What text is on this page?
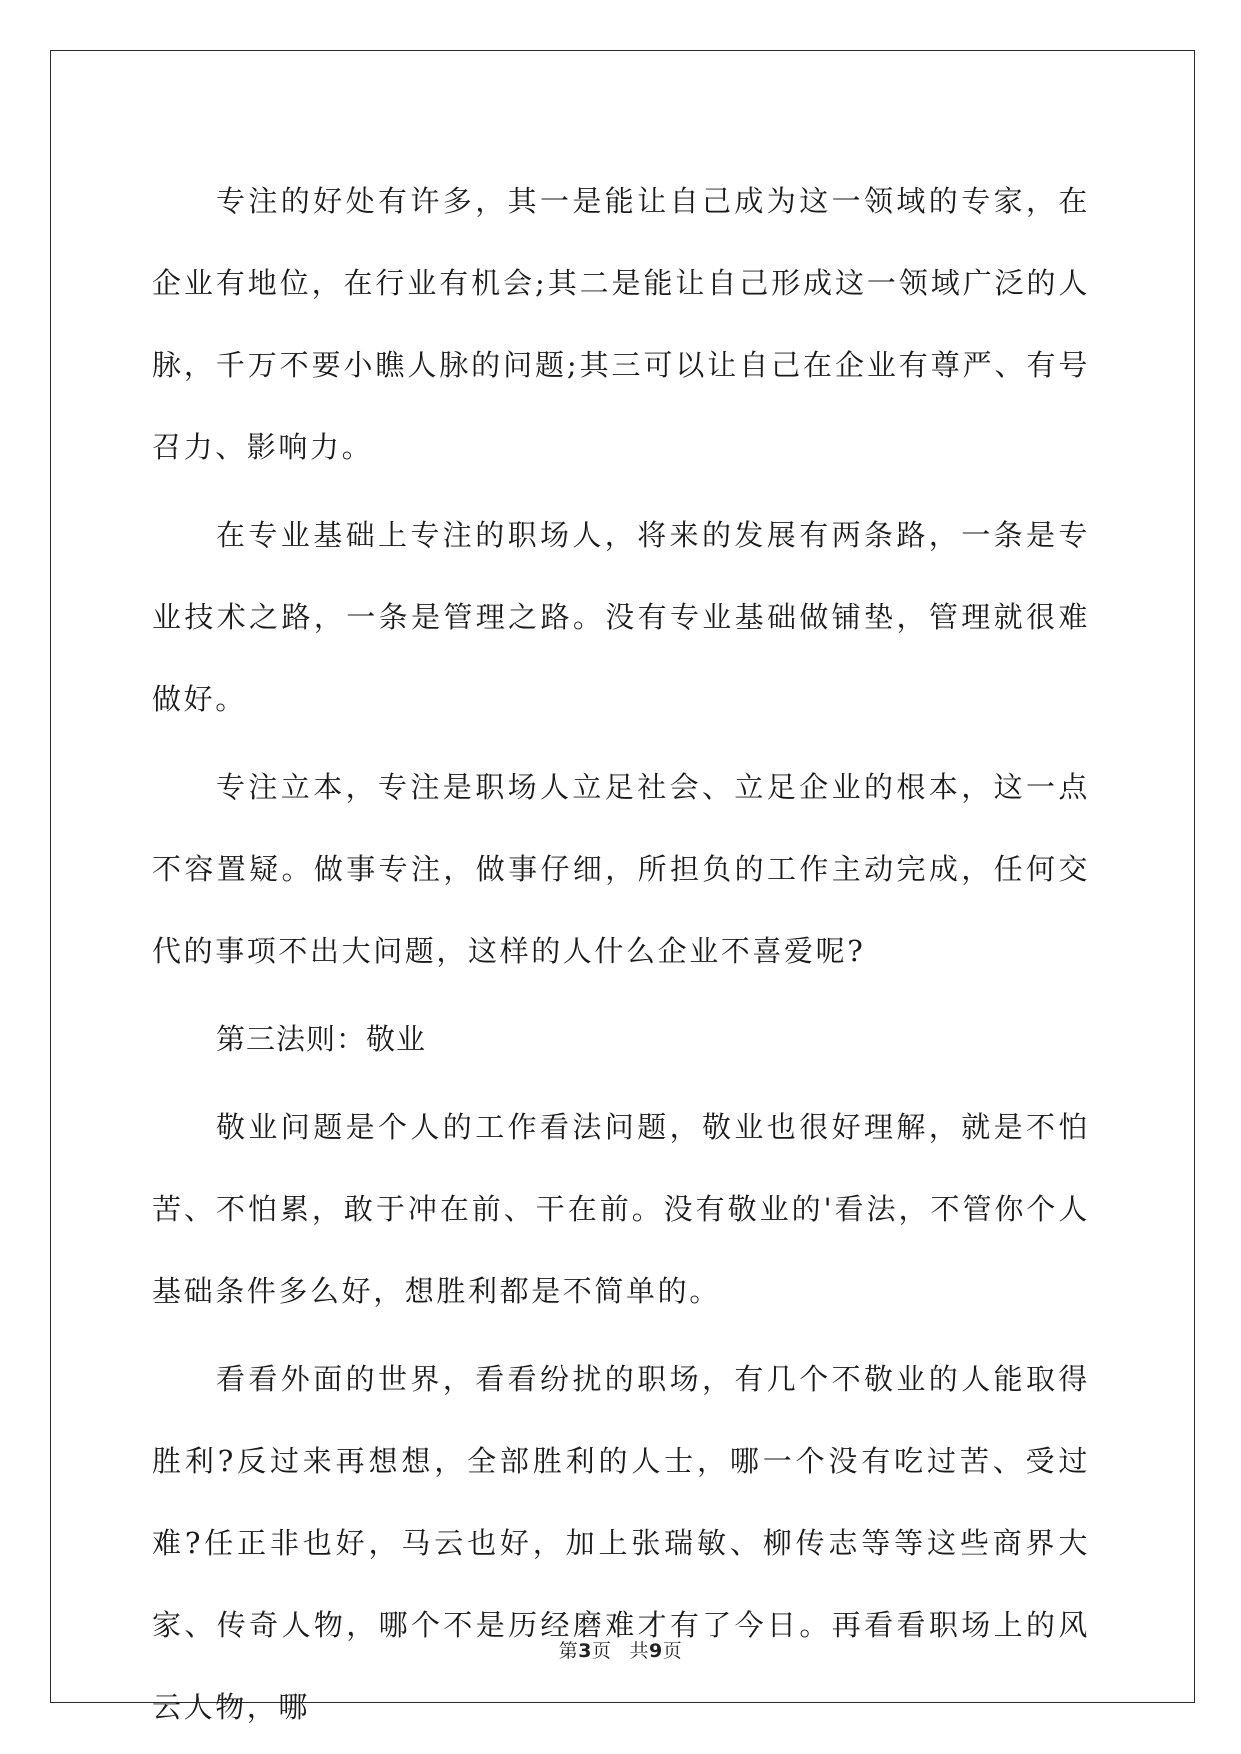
专注的好处有许多，其一是能让自己成为这一领域的专家，在企业有地位，在行业有机会;其二是能让自己形成这一领域广泛的人脉，千万不要小瞧人脉的问题;其三可以让自己在企业有尊严、有号召力、影响力。

在专业基础上专注的职场人，将来的发展有两条路，一条是专业技术之路，一条是管理之路。没有专业基础做铺垫，管理就很难做好。

专注立本，专注是职场人立足社会、立足企业的根本，这一点不容置疑。做事专注，做事仔细，所担负的工作主动完成，任何交代的事项不出大问题，这样的人什么企业不喜爱呢?

第三法则：敬业

敬业问题是个人的工作看法问题，敬业也很好理解，就是不怕苦、不怕累，敢于冲在前、干在前。没有敬业的'看法，不管你个人基础条件多么好，想胜利都是不简单的。

看看外面的世界，看看纷扰的职场，有几个不敬业的人能取得胜利?反过来再想想，全部胜利的人士，哪一个没有吃过苦、受过难?任正非也好，马云也好，加上张瑞敏、柳传志等等这些商界大家、传奇人物，哪个不是历经磨难才有了今日。再看看职场上的风云人物，哪

第3页 共9页
